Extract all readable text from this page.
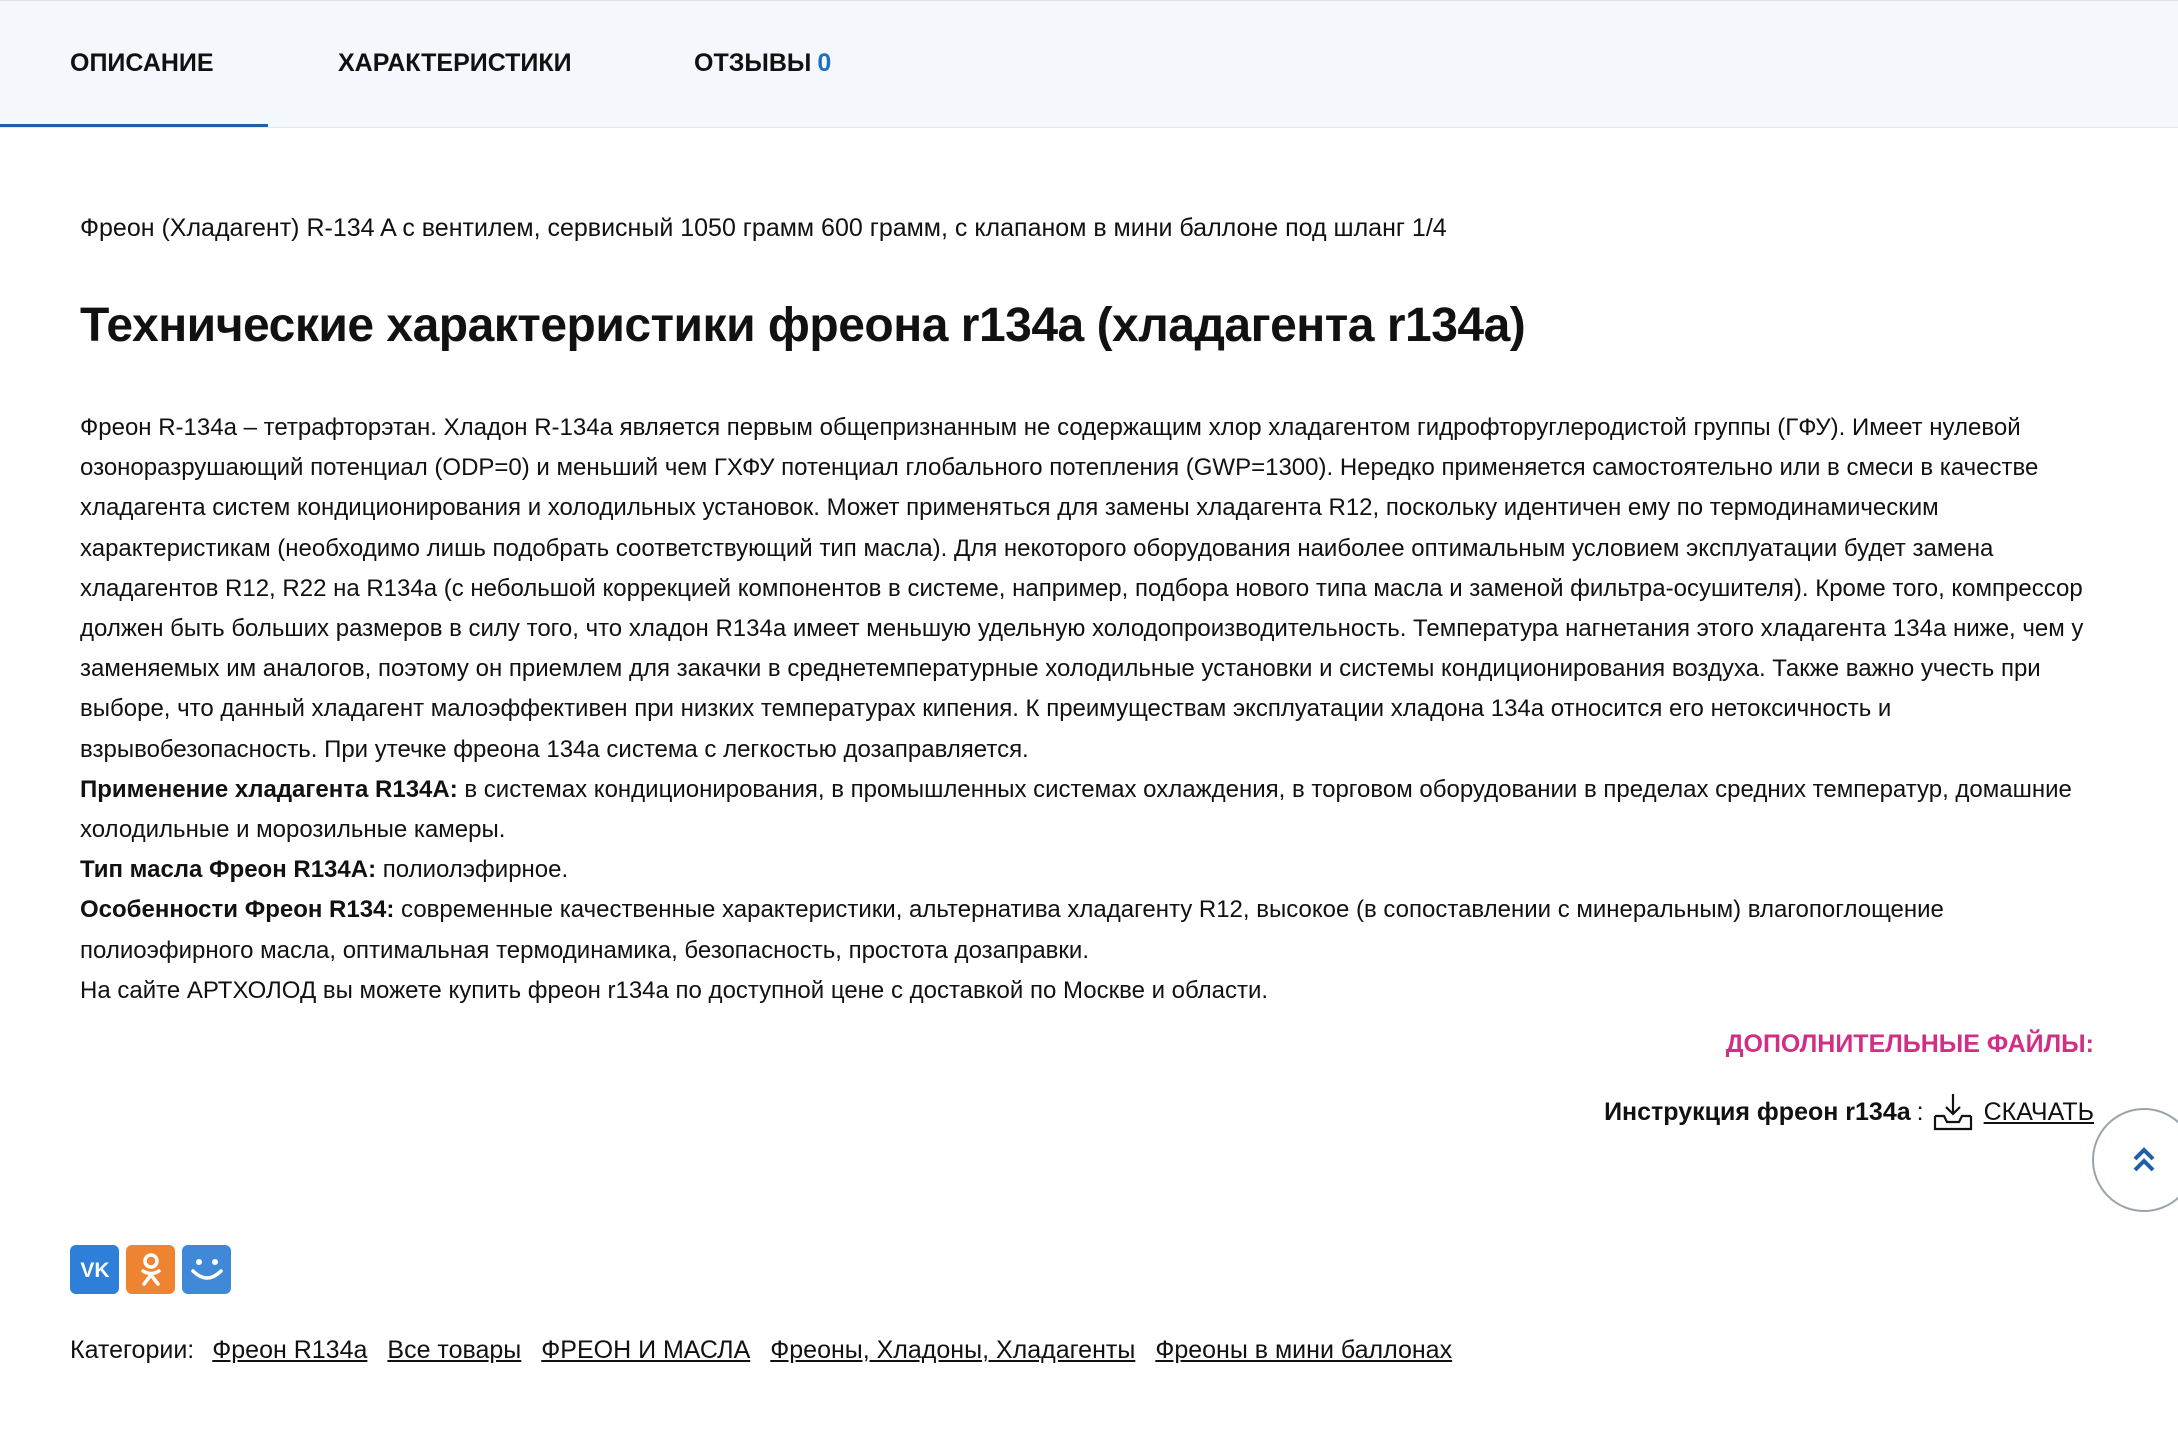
ОПИСАНИЕ	ХАРАКТЕРИСТИКИ	ОТЗЫВЫ 0
Фреон (Хладагент) R-134 A с вентилем, сервисный 1050 грамм 600 грамм, с клапаном в мини баллоне под шланг 1/4
Технические характеристики фреона r134a (хладагента r134a)

Фреон R-134a – тетрафторэтан. Хладон R-134a является первым общепризнанным не содержащим хлор хладагентом гидрофторуглеродистой группы (ГФУ). Имеет нулевой озоноразрушающий потенциал (ODP=0) и меньший чем ГХФУ потенциал глобального потепления (GWP=1300). Нередко применяется самостоятельно или в смеси в качестве хладагента систем кондиционирования и холодильных установок. Может применяться для замены хладагента R12, поскольку идентичен ему по термодинамическим характеристикам (необходимо лишь подобрать соответствующий тип масла). Для некоторого оборудования наиболее оптимальным условием эксплуатации будет замена хладагентов R12, R22 на R134a (с небольшой коррекцией компонентов в системе, например, подбора нового типа масла и заменой фильтра-осушителя). Кроме того, компрессор должен быть больших размеров в силу того, что хладон R134a имеет меньшую удельную холодопроизводительность. Температура нагнетания этого хладагента 134a ниже, чем у заменяемых им аналогов, поэтому он приемлем для закачки в среднетемпературные холодильные установки и системы кондиционирования воздуха. Также важно учесть при выборе, что данный хладагент малоэффективен при низких температурах кипения. К преимуществам эксплуатации хладона 134a относится его нетоксичность и взрывобезопасность. При утечке фреона 134a система с легкостью дозаправляется.

Применение хладагента R134A: в системах кондиционирования, в промышленных системах охлаждения, в торговом оборудовании в пределах средних температур, домашние холодильные и морозильные камеры.

Тип масла Фреон R134A: полиолэфирное.

Особенности Фреон R134: современные качественные характеристики, альтернатива хладагенту R12, высокое (в сопоставлении с минеральным) влагопоглощение полиоэфирного масла, оптимальная термодинамика, безопасность, простота дозаправки.

На сайте АРТХОЛОД вы можете купить фреон r134a по доступной цене с доставкой по Москве и области.

ДОПОЛНИТЕЛЬНЫЕ ФАЙЛЫ:
Инструкция фреон r134a : СКАЧАТЬ
VK
Категории: Фреон R134a Все товары ФРЕОН И МАСЛА Фреоны, Хладоны, Хладагенты Фреоны в мини баллонах
